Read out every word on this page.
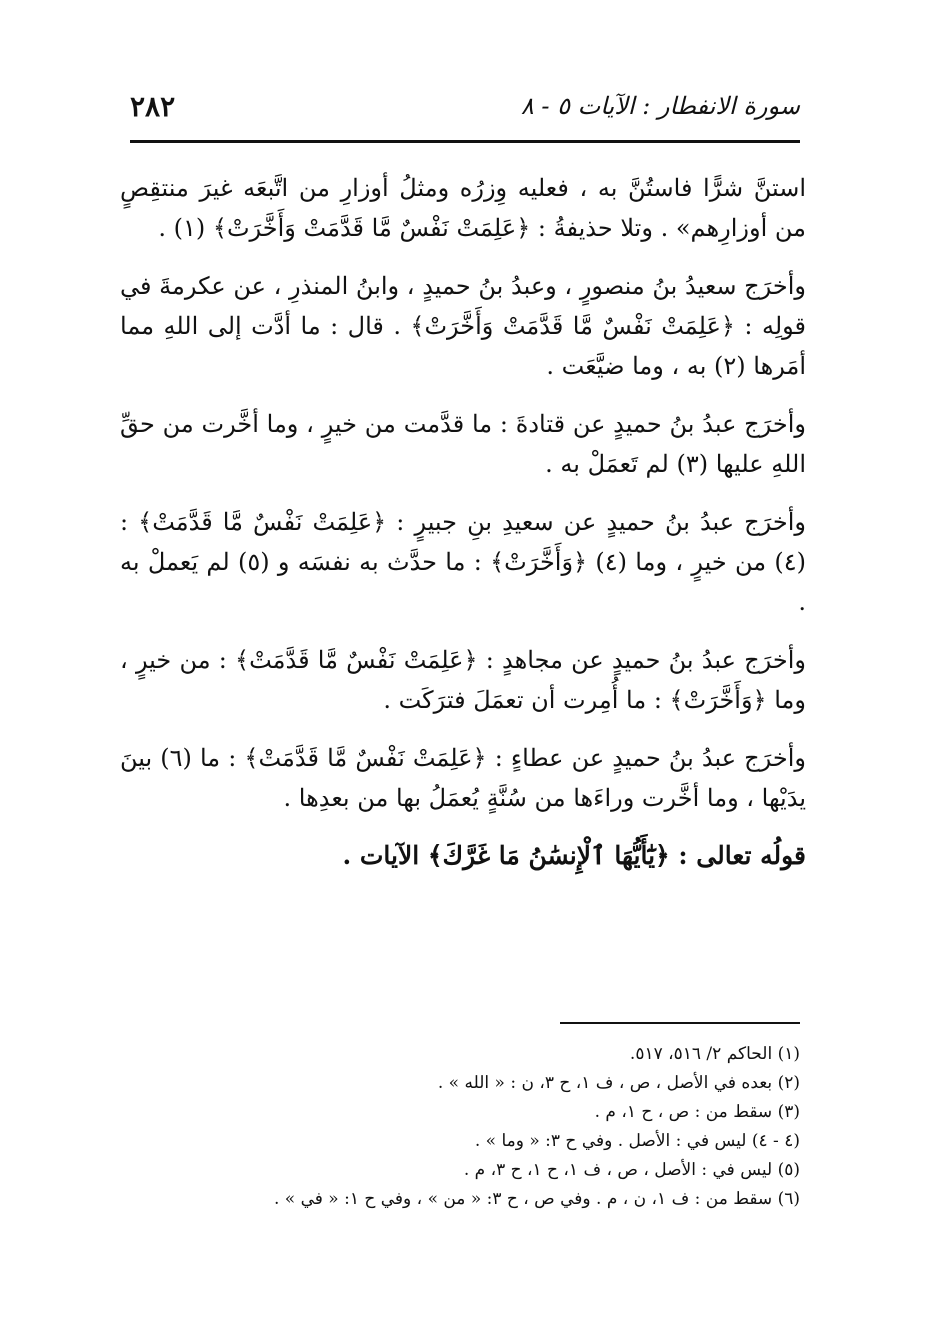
٢٨٢	سورة الانفطار : الآيات ٥ - ٨

استنَّ شرًّا فاستُنَّ به ، فعليه وِزرُه ومثلُ أوزارِ من اتَّبعَه غيرَ منتقِصٍ من أوزارِهم» . وتلا حذيفةُ : ﴿عَلِمَتْ نَفْسٌ مَّا قَدَّمَتْ وَأَخَّرَتْ﴾ (١) .

وأخرَج سعيدُ بنُ منصورٍ ، وعبدُ بنُ حميدٍ ، وابنُ المنذرِ ، عن عكرمةَ في قولِه : ﴿عَلِمَتْ نَفْسٌ مَّا قَدَّمَتْ وَأَخَّرَتْ﴾ . قال : ما أدَّت إلى اللهِ مما أمَرها (٢) به ، وما ضيَّعَت .

وأخرَج عبدُ بنُ حميدٍ عن قتادةَ : ما قدَّمت من خيرٍ ، وما أخَّرت من حقِّ اللهِ عليها (٣) لم تَعمَلْ به .

وأخرَج عبدُ بنُ حميدٍ عن سعيدِ بنِ جبيرٍ : ﴿عَلِمَتْ نَفْسٌ مَّا قَدَّمَتْ﴾ : (٤) من خيرٍ ، وما (٤) ﴿وَأَخَّرَتْ﴾ : ما حدَّث به نفسَه و (٥) لم يَعملْ به .

وأخرَج عبدُ بنُ حميدٍ عن مجاهدٍ : ﴿عَلِمَتْ نَفْسٌ مَّا قَدَّمَتْ﴾ : من خيرٍ ، وما ﴿وَأَخَّرَتْ﴾ : ما أُمِرت أن تعمَلَ فترَكَت .

وأخرَج عبدُ بنُ حميدٍ عن عطاءٍ : ﴿عَلِمَتْ نَفْسٌ مَّا قَدَّمَتْ﴾ : ما (٦) بينَ يدَيْها ، وما أخَّرت وراءَها من سُنَّةٍ يُعمَلُ بها من بعدِها .

قولُه تعالى : ﴿يَٰٓأَيُّهَا ٱلْإِنسَٰنُ مَا غَرَّكَ﴾ الآيات .

(١) الحاكم ٢/ ٥١٦، ٥١٧.
(٢) بعده في الأصل ، ص ، ف ١، ح ٣، ن : « الله » .
(٣) سقط من : ص ، ح ١، م .
(٤ - ٤) ليس في : الأصل . وفي ح ٣: « وما » .
(٥) ليس في : الأصل ، ص ، ف ١، ح ١، ح ٣، م .
(٦) سقط من : ف ١، ن ، م . وفي ص ، ح ٣: « من » ، وفي ح ١: « في » .
